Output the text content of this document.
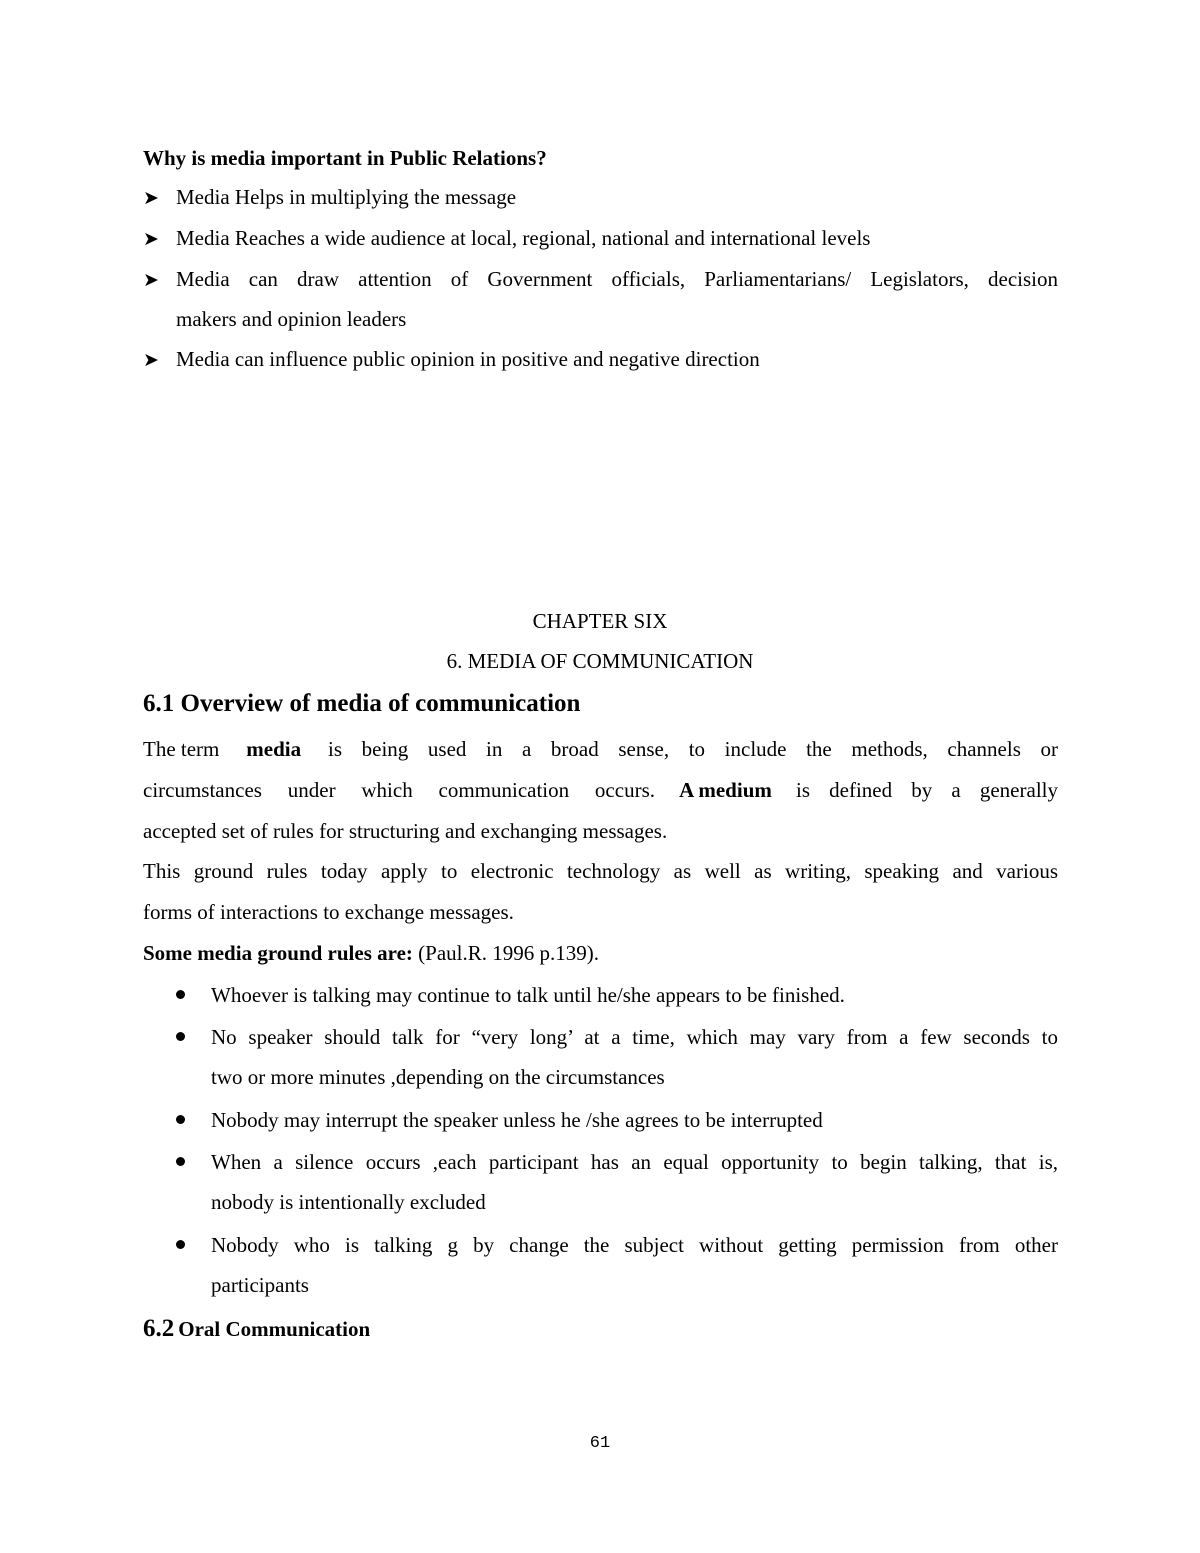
Why is media important in Public Relations?
➤ Media Helps in multiplying the message
➤ Media Reaches a wide audience at local, regional, national and international levels
➤ Media can draw attention of Government officials, Parliamentarians/ Legislators, decision
makers and opinion leaders
➤ Media can influence public opinion in positive and negative direction
CHAPTER SIX
6. MEDIA OF COMMUNICATION
6.1 Overview of media of communication
The term media is being used in a broad sense, to include the methods, channels or
circumstances under which communication occurs. A medium is defined by a generally
accepted set of rules for structuring and exchanging messages.
This ground rules today apply to electronic technology as well as writing, speaking and various
forms of interactions to exchange messages.
Some media ground rules are: (Paul.R. 1996 p.139).
Whoever is talking may continue to talk until he/she appears to be finished.
No speaker should talk for “very long’ at a time, which may vary from a few seconds to
two or more minutes ,depending on the circumstances
Nobody may interrupt the speaker unless he /she agrees to be interrupted
When a silence occurs ,each participant has an equal opportunity to begin talking, that is,
nobody is intentionally excluded
Nobody who is talking g by change the subject without getting permission from other
participants
6.2 Oral Communication
61
